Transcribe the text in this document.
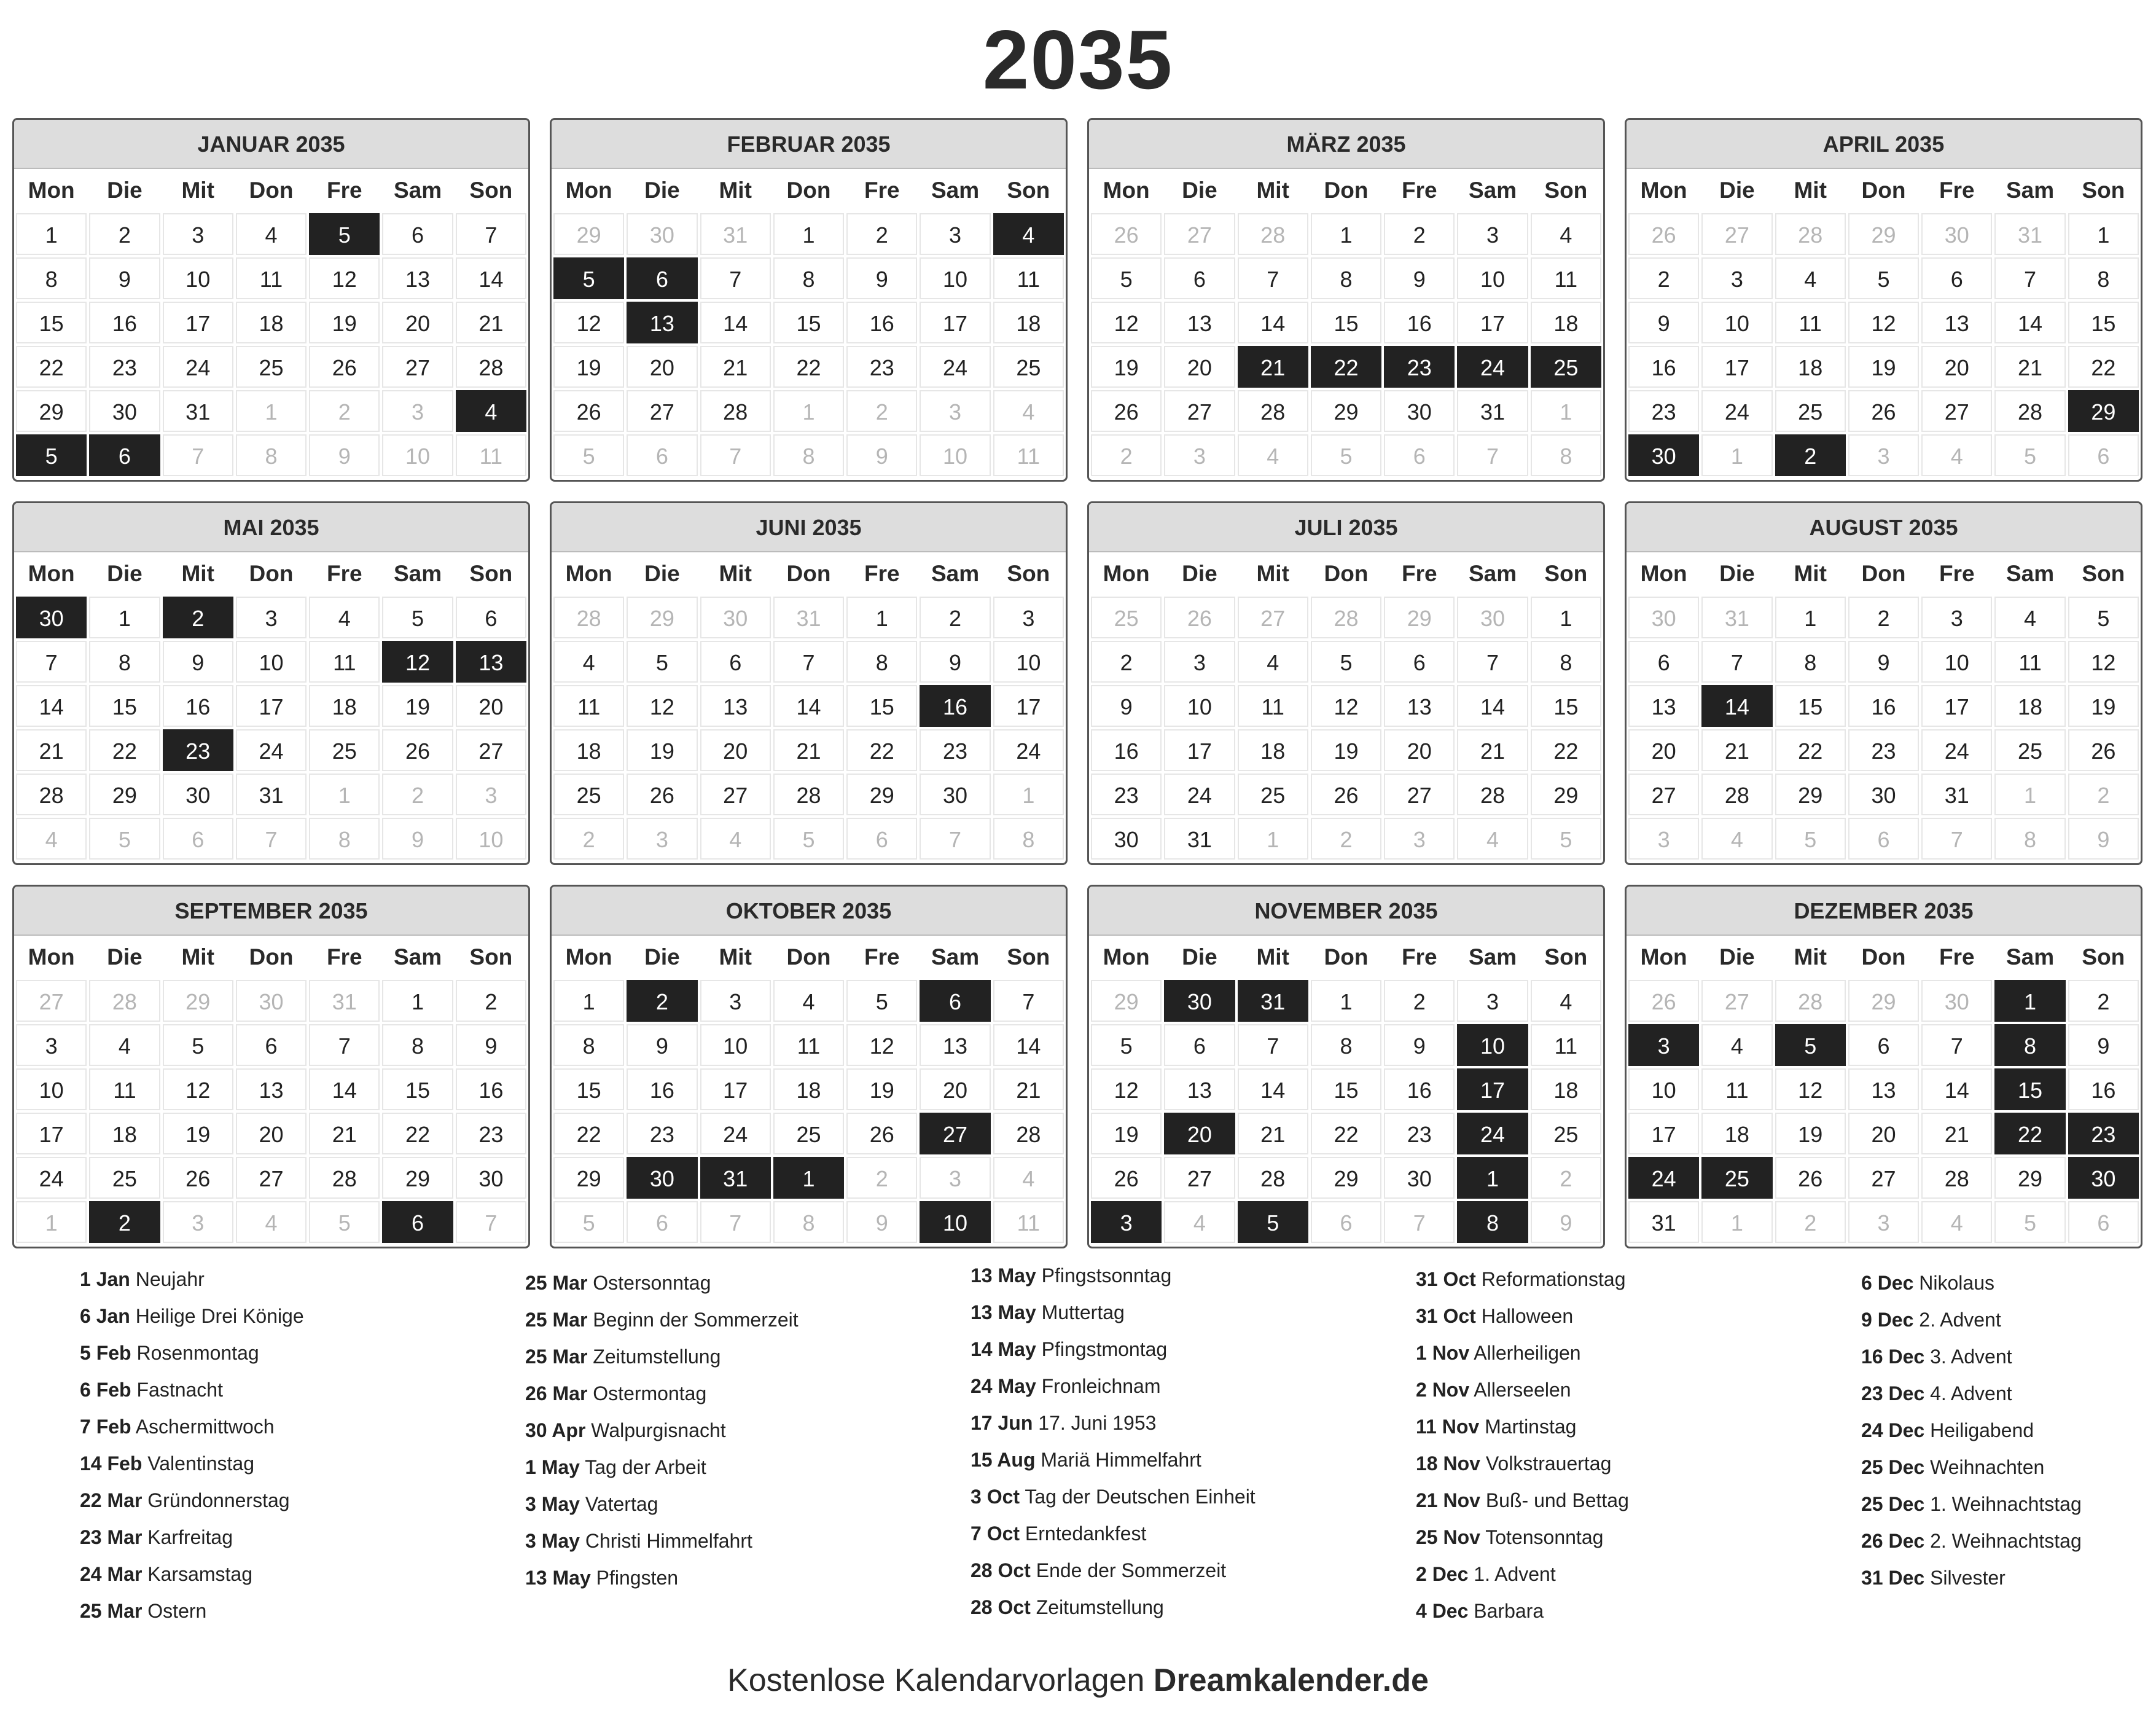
2035
JANUAR 2035
Mon	Die	Mit	Don	Fre	Sam	Son
1	2	3	4	5	6	7
8	9	10	11	12	13	14
15	16	17	18	19	20	21
22	23	24	25	26	27	28
29	30	31	1	2	3	4
5	6	7	8	9	10	11
FEBRUAR 2035
Mon	Die	Mit	Don	Fre	Sam	Son
29	30	31	1	2	3	4
5	6	7	8	9	10	11
12	13	14	15	16	17	18
19	20	21	22	23	24	25
26	27	28	1	2	3	4
5	6	7	8	9	10	11
MÄRZ 2035
Mon	Die	Mit	Don	Fre	Sam	Son
26	27	28	1	2	3	4
5	6	7	8	9	10	11
12	13	14	15	16	17	18
19	20	21	22	23	24	25
26	27	28	29	30	31	1
2	3	4	5	6	7	8
APRIL 2035
Mon	Die	Mit	Don	Fre	Sam	Son
26	27	28	29	30	31	1
2	3	4	5	6	7	8
9	10	11	12	13	14	15
16	17	18	19	20	21	22
23	24	25	26	27	28	29
30	1	2	3	4	5	6
MAI 2035
Mon	Die	Mit	Don	Fre	Sam	Son
30	1	2	3	4	5	6
7	8	9	10	11	12	13
14	15	16	17	18	19	20
21	22	23	24	25	26	27
28	29	30	31	1	2	3
4	5	6	7	8	9	10
JUNI 2035
Mon	Die	Mit	Don	Fre	Sam	Son
28	29	30	31	1	2	3
4	5	6	7	8	9	10
11	12	13	14	15	16	17
18	19	20	21	22	23	24
25	26	27	28	29	30	1
2	3	4	5	6	7	8
JULI 2035
Mon	Die	Mit	Don	Fre	Sam	Son
25	26	27	28	29	30	1
2	3	4	5	6	7	8
9	10	11	12	13	14	15
16	17	18	19	20	21	22
23	24	25	26	27	28	29
30	31	1	2	3	4	5
AUGUST 2035
Mon	Die	Mit	Don	Fre	Sam	Son
30	31	1	2	3	4	5
6	7	8	9	10	11	12
13	14	15	16	17	18	19
20	21	22	23	24	25	26
27	28	29	30	31	1	2
3	4	5	6	7	8	9
SEPTEMBER 2035
Mon	Die	Mit	Don	Fre	Sam	Son
27	28	29	30	31	1	2
3	4	5	6	7	8	9
10	11	12	13	14	15	16
17	18	19	20	21	22	23
24	25	26	27	28	29	30
1	2	3	4	5	6	7
OKTOBER 2035
Mon	Die	Mit	Don	Fre	Sam	Son
1	2	3	4	5	6	7
8	9	10	11	12	13	14
15	16	17	18	19	20	21
22	23	24	25	26	27	28
29	30	31	1	2	3	4
5	6	7	8	9	10	11
NOVEMBER 2035
Mon	Die	Mit	Don	Fre	Sam	Son
29	30	31	1	2	3	4
5	6	7	8	9	10	11
12	13	14	15	16	17	18
19	20	21	22	23	24	25
26	27	28	29	30	1	2
3	4	5	6	7	8	9
DEZEMBER 2035
Mon	Die	Mit	Don	Fre	Sam	Son
26	27	28	29	30	1	2
3	4	5	6	7	8	9
10	11	12	13	14	15	16
17	18	19	20	21	22	23
24	25	26	27	28	29	30
31	1	2	3	4	5	6
1 Jan Neujahr
6 Jan Heilige Drei Könige
5 Feb Rosenmontag
6 Feb Fastnacht
7 Feb Aschermittwoch
14 Feb Valentinstag
22 Mar Gründonnerstag
23 Mar Karfreitag
24 Mar Karsamstag
25 Mar Ostern
25 Mar Ostersonntag
25 Mar Beginn der Sommerzeit
25 Mar Zeitumstellung
26 Mar Ostermontag
30 Apr Walpurgisnacht
1 May Tag der Arbeit
3 May Vatertag
3 May Christi Himmelfahrt
13 May Pfingsten
13 May Pfingstsonntag
13 May Muttertag
14 May Pfingstmontag
24 May Fronleichnam
17 Jun 17. Juni 1953
15 Aug Mariä Himmelfahrt
3 Oct Tag der Deutschen Einheit
7 Oct Erntedankfest
28 Oct Ende der Sommerzeit
28 Oct Zeitumstellung
31 Oct Reformationstag
31 Oct Halloween
1 Nov Allerheiligen
2 Nov Allerseelen
11 Nov Martinstag
18 Nov Volkstrauertag
21 Nov Buß- und Bettag
25 Nov Totensonntag
2 Dec 1. Advent
4 Dec Barbara
6 Dec Nikolaus
9 Dec 2. Advent
16 Dec 3. Advent
23 Dec 4. Advent
24 Dec Heiligabend
25 Dec Weihnachten
25 Dec 1. Weihnachtstag
26 Dec 2. Weihnachtstag
31 Dec Silvester
Kostenlose Kalendarvorlagen Dreamkalender.de
